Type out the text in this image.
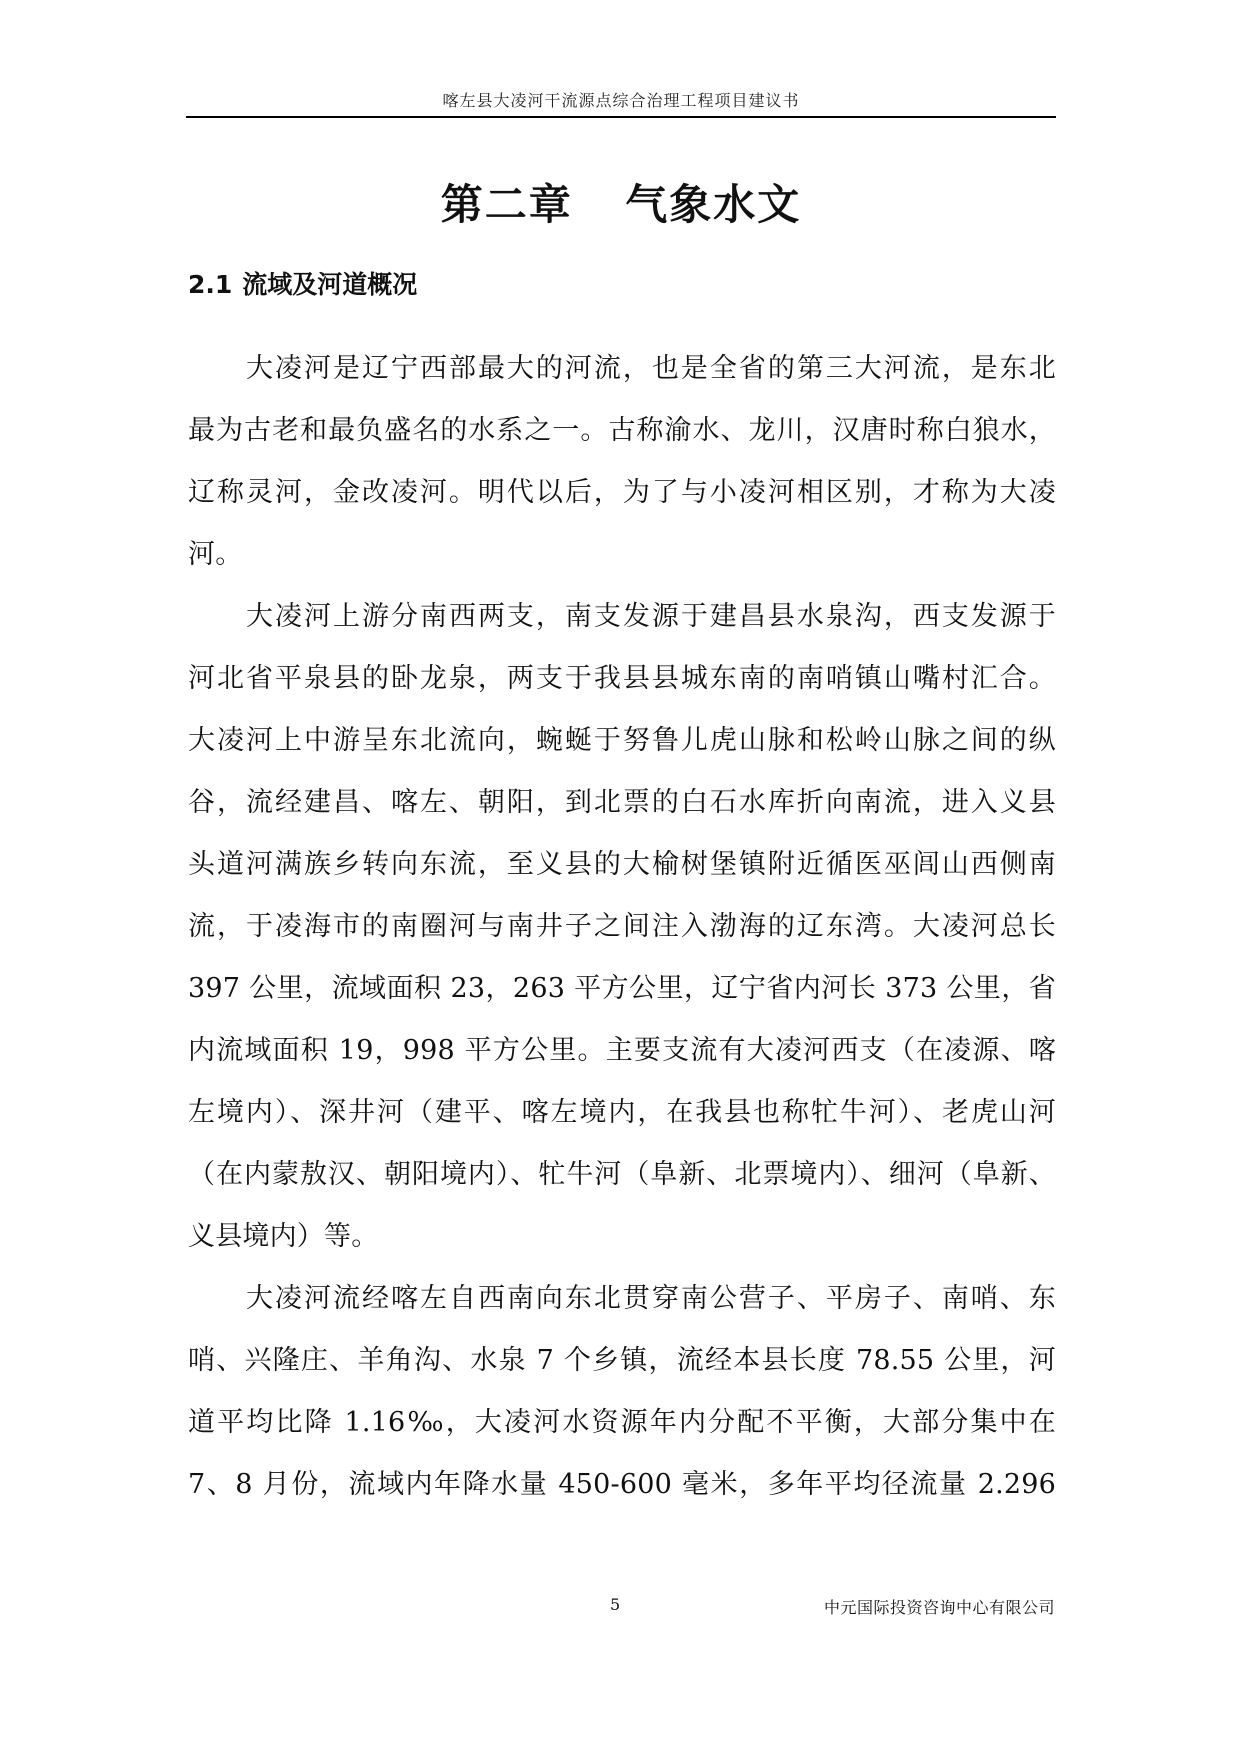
喀左县大凌河干流源点综合治理工程项目建议书
第二章 气象水文
2.1 流域及河道概况
大凌河是辽宁西部最大的河流，也是全省的第三大河流，是东北
最为古老和最负盛名的水系之一。古称渝水、龙川，汉唐时称白狼水，
辽称灵河，金改凌河。明代以后，为了与小凌河相区别，才称为大凌
河。
大凌河上游分南西两支，南支发源于建昌县水泉沟，西支发源于
河北省平泉县的卧龙泉，两支于我县县城东南的南哨镇山嘴村汇合。
大凌河上中游呈东北流向，蜿蜒于努鲁儿虎山脉和松岭山脉之间的纵
谷，流经建昌、喀左、朝阳，到北票的白石水库折向南流，进入义县
头道河满族乡转向东流，至义县的大榆树堡镇附近循医巫闾山西侧南
流，于凌海市的南圈河与南井子之间注入渤海的辽东湾。大凌河总长
397 公里，流域面积 23，263 平方公里，辽宁省内河长 373 公里，省
内流域面积 19，998 平方公里。主要支流有大凌河西支（在凌源、喀
左境内）、深井河（建平、喀左境内，在我县也称牤牛河）、老虎山河
（在内蒙敖汉、朝阳境内）、牤牛河（阜新、北票境内）、细河（阜新、
义县境内）等。
大凌河流经喀左自西南向东北贯穿南公营子、平房子、南哨、东
哨、兴隆庄、羊角沟、水泉 7 个乡镇，流经本县长度 78.55 公里，河
道平均比降 1.16‰，大凌河水资源年内分配不平衡，大部分集中在
7、8 月份，流域内年降水量 450-600 毫米，多年平均径流量 2.296
5	中元国际投资咨询中心有限公司
